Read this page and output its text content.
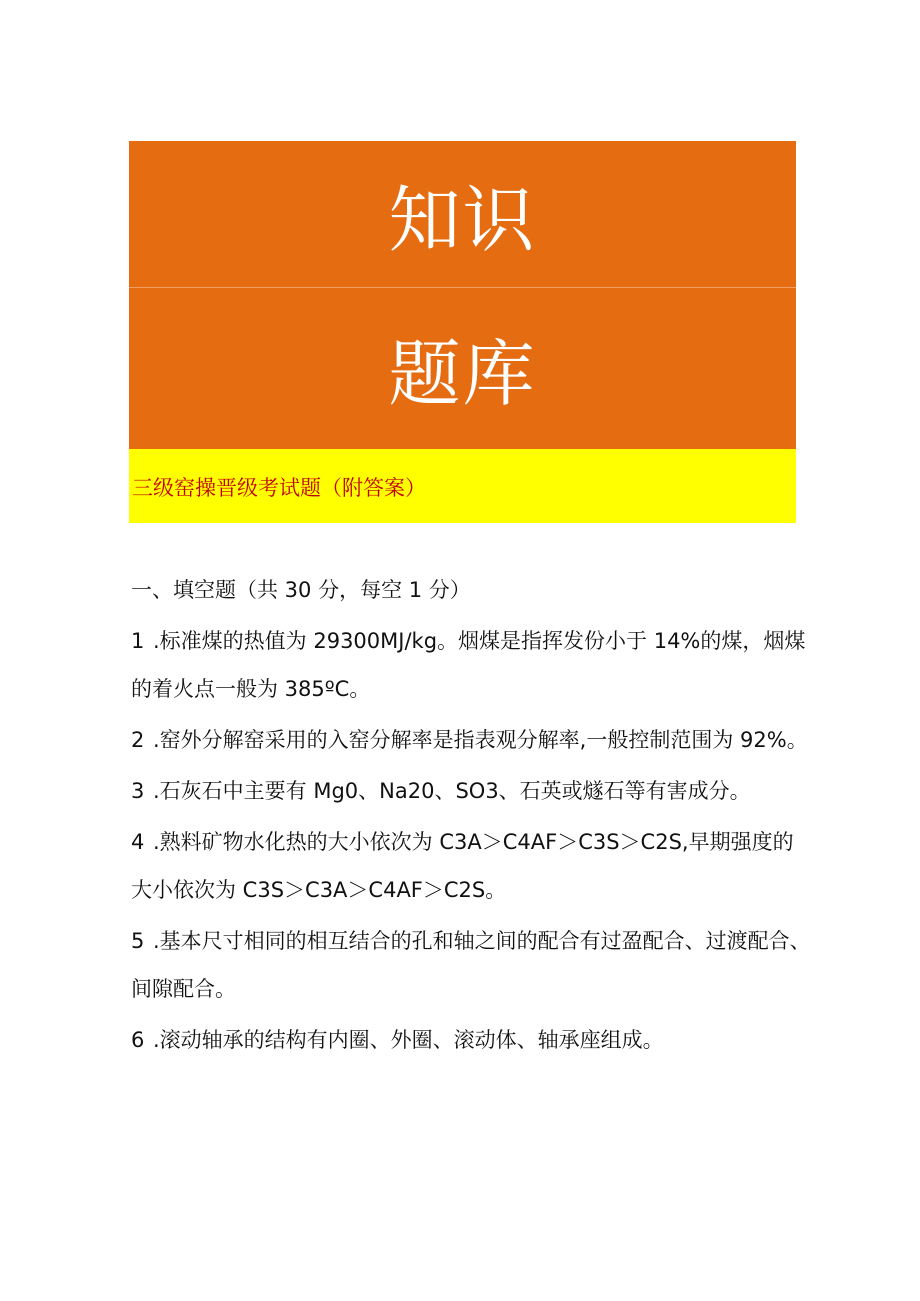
知识
题库
三级窑操晋级考试题（附答案）
一、填空题（共 30 分，每空 1 分）
1 .标准煤的热值为 29300MJ/kg。烟煤是指挥发份小于 14%的煤，烟煤的着火点一般为 385ºC。
2 .窑外分解窑采用的入窑分解率是指表观分解率,一般控制范围为 92%。
3 .石灰石中主要有 Mg0、Na20、SO3、石英或燧石等有害成分。
4 .熟料矿物水化热的大小依次为 C3A＞C4AF＞C3S＞C2S,早期强度的大小依次为 C3S＞C3A＞C4AF＞C2S。
5 .基本尺寸相同的相互结合的孔和轴之间的配合有过盈配合、过渡配合、间隙配合。
6 .滚动轴承的结构有内圈、外圈、滚动体、轴承座组成。
